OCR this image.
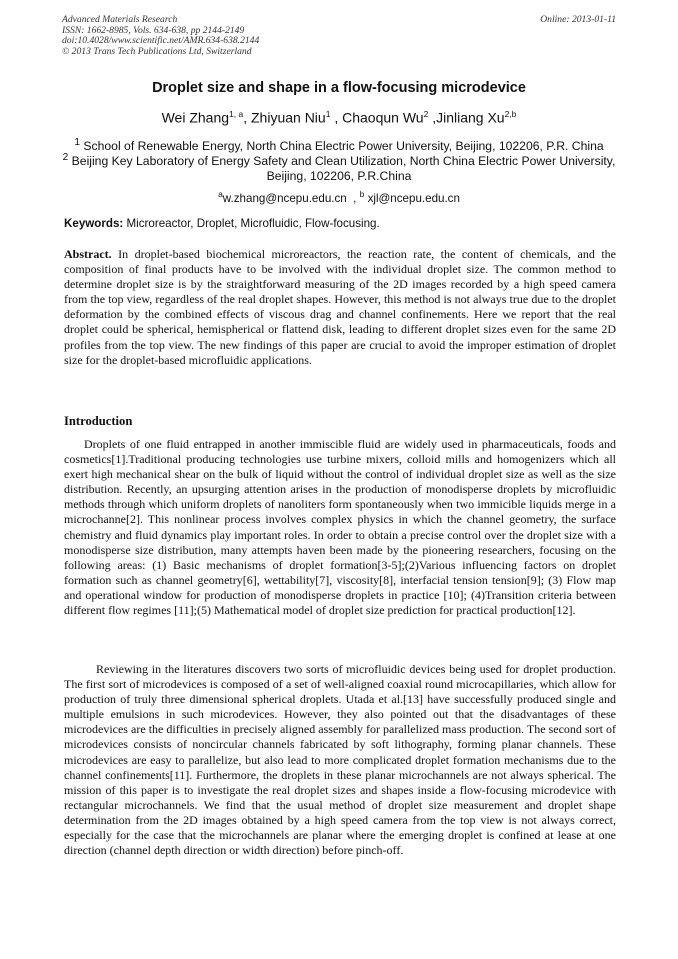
Advanced Materials Research
ISSN: 1662-8985, Vols. 634-638, pp 2144-2149
doi:10.4028/www.scientific.net/AMR.634-638.2144
© 2013 Trans Tech Publications Ltd, Switzerland
Online: 2013-01-11
Droplet size and shape in a flow-focusing microdevice
Wei Zhang$^{1, a}$, Zhiyuan Niu$^1$ , Chaoqun Wu$^2$ ,Jinliang Xu$^{2,b}$
$^1$ School of Renewable Energy, North China Electric Power University, Beijing, 102206, P.R. China
$^2$ Beijing Key Laboratory of Energy Safety and Clean Utilization, North China Electric Power University, Beijing, 102206, P.R.China
$^a$w.zhang@ncepu.edu.cn  , $^b$ xjl@ncepu.edu.cn
Keywords: Microreactor, Droplet, Microfluidic, Flow-focusing.
Abstract. In droplet-based biochemical microreactors, the reaction rate, the content of chemicals, and the composition of final products have to be involved with the individual droplet size. The common method to determine droplet size is by the straightforward measuring of the 2D images recorded by a high speed camera from the top view, regardless of the real droplet shapes. However, this method is not always true due to the droplet deformation by the combined effects of viscous drag and channel confinements. Here we report that the real droplet could be spherical, hemispherical or flattend disk, leading to different droplet sizes even for the same 2D profiles from the top view. The new findings of this paper are crucial to avoid the improper estimation of droplet size for the droplet-based microfluidic applications.
Introduction
Droplets of one fluid entrapped in another immiscible fluid are widely used in pharmaceuticals, foods and cosmetics[1].Traditional producing technologies use turbine mixers, colloid mills and homogenizers which all exert high mechanical shear on the bulk of liquid without the control of individual droplet size as well as the size distribution. Recently, an upsurging attention arises in the production of monodisperse droplets by microfluidic methods through which uniform droplets of nanoliters form spontaneously when two immicible liquids merge in a microchanne[2]. This nonlinear process involves complex physics in which the channel geometry, the surface chemistry and fluid dynamics play important roles. In order to obtain a precise control over the droplet size with a monodisperse size distribution, many attempts haven been made by the pioneering researchers, focusing on the following areas: (1) Basic mechanisms of droplet formation[3-5];(2)Various influencing factors on droplet formation such as channel geometry[6], wettability[7], viscosity[8], interfacial tension tension[9]; (3) Flow map and operational window for production of monodisperse droplets in practice [10]; (4)Transition criteria between different flow regimes [11];(5) Mathematical model of droplet size prediction for practical production[12].
Reviewing in the literatures discovers two sorts of microfluidic devices being used for droplet production. The first sort of microdevices is composed of a set of well-aligned coaxial round microcapillaries, which allow for production of truly three dimensional spherical droplets. Utada et al.[13] have successfully produced single and multiple emulsions in such microdevices. However, they also pointed out that the disadvantages of these microdevices are the difficulties in precisely aligned assembly for parallelized mass production. The second sort of microdevices consists of noncircular channels fabricated by soft lithography, forming planar channels. These microdevices are easy to parallelize, but also lead to more complicated droplet formation mechanisms due to the channel confinements[11]. Furthermore, the droplets in these planar microchannels are not always spherical. The mission of this paper is to investigate the real droplet sizes and shapes inside a flow-focusing microdevice with rectangular microchannels. We find that the usual method of droplet size measurement and droplet shape determination from the 2D images obtained by a high speed camera from the top view is not always correct, especially for the case that the microchannels are planar where the emerging droplet is confined at lease at one direction (channel depth direction or width direction) before pinch-off.
